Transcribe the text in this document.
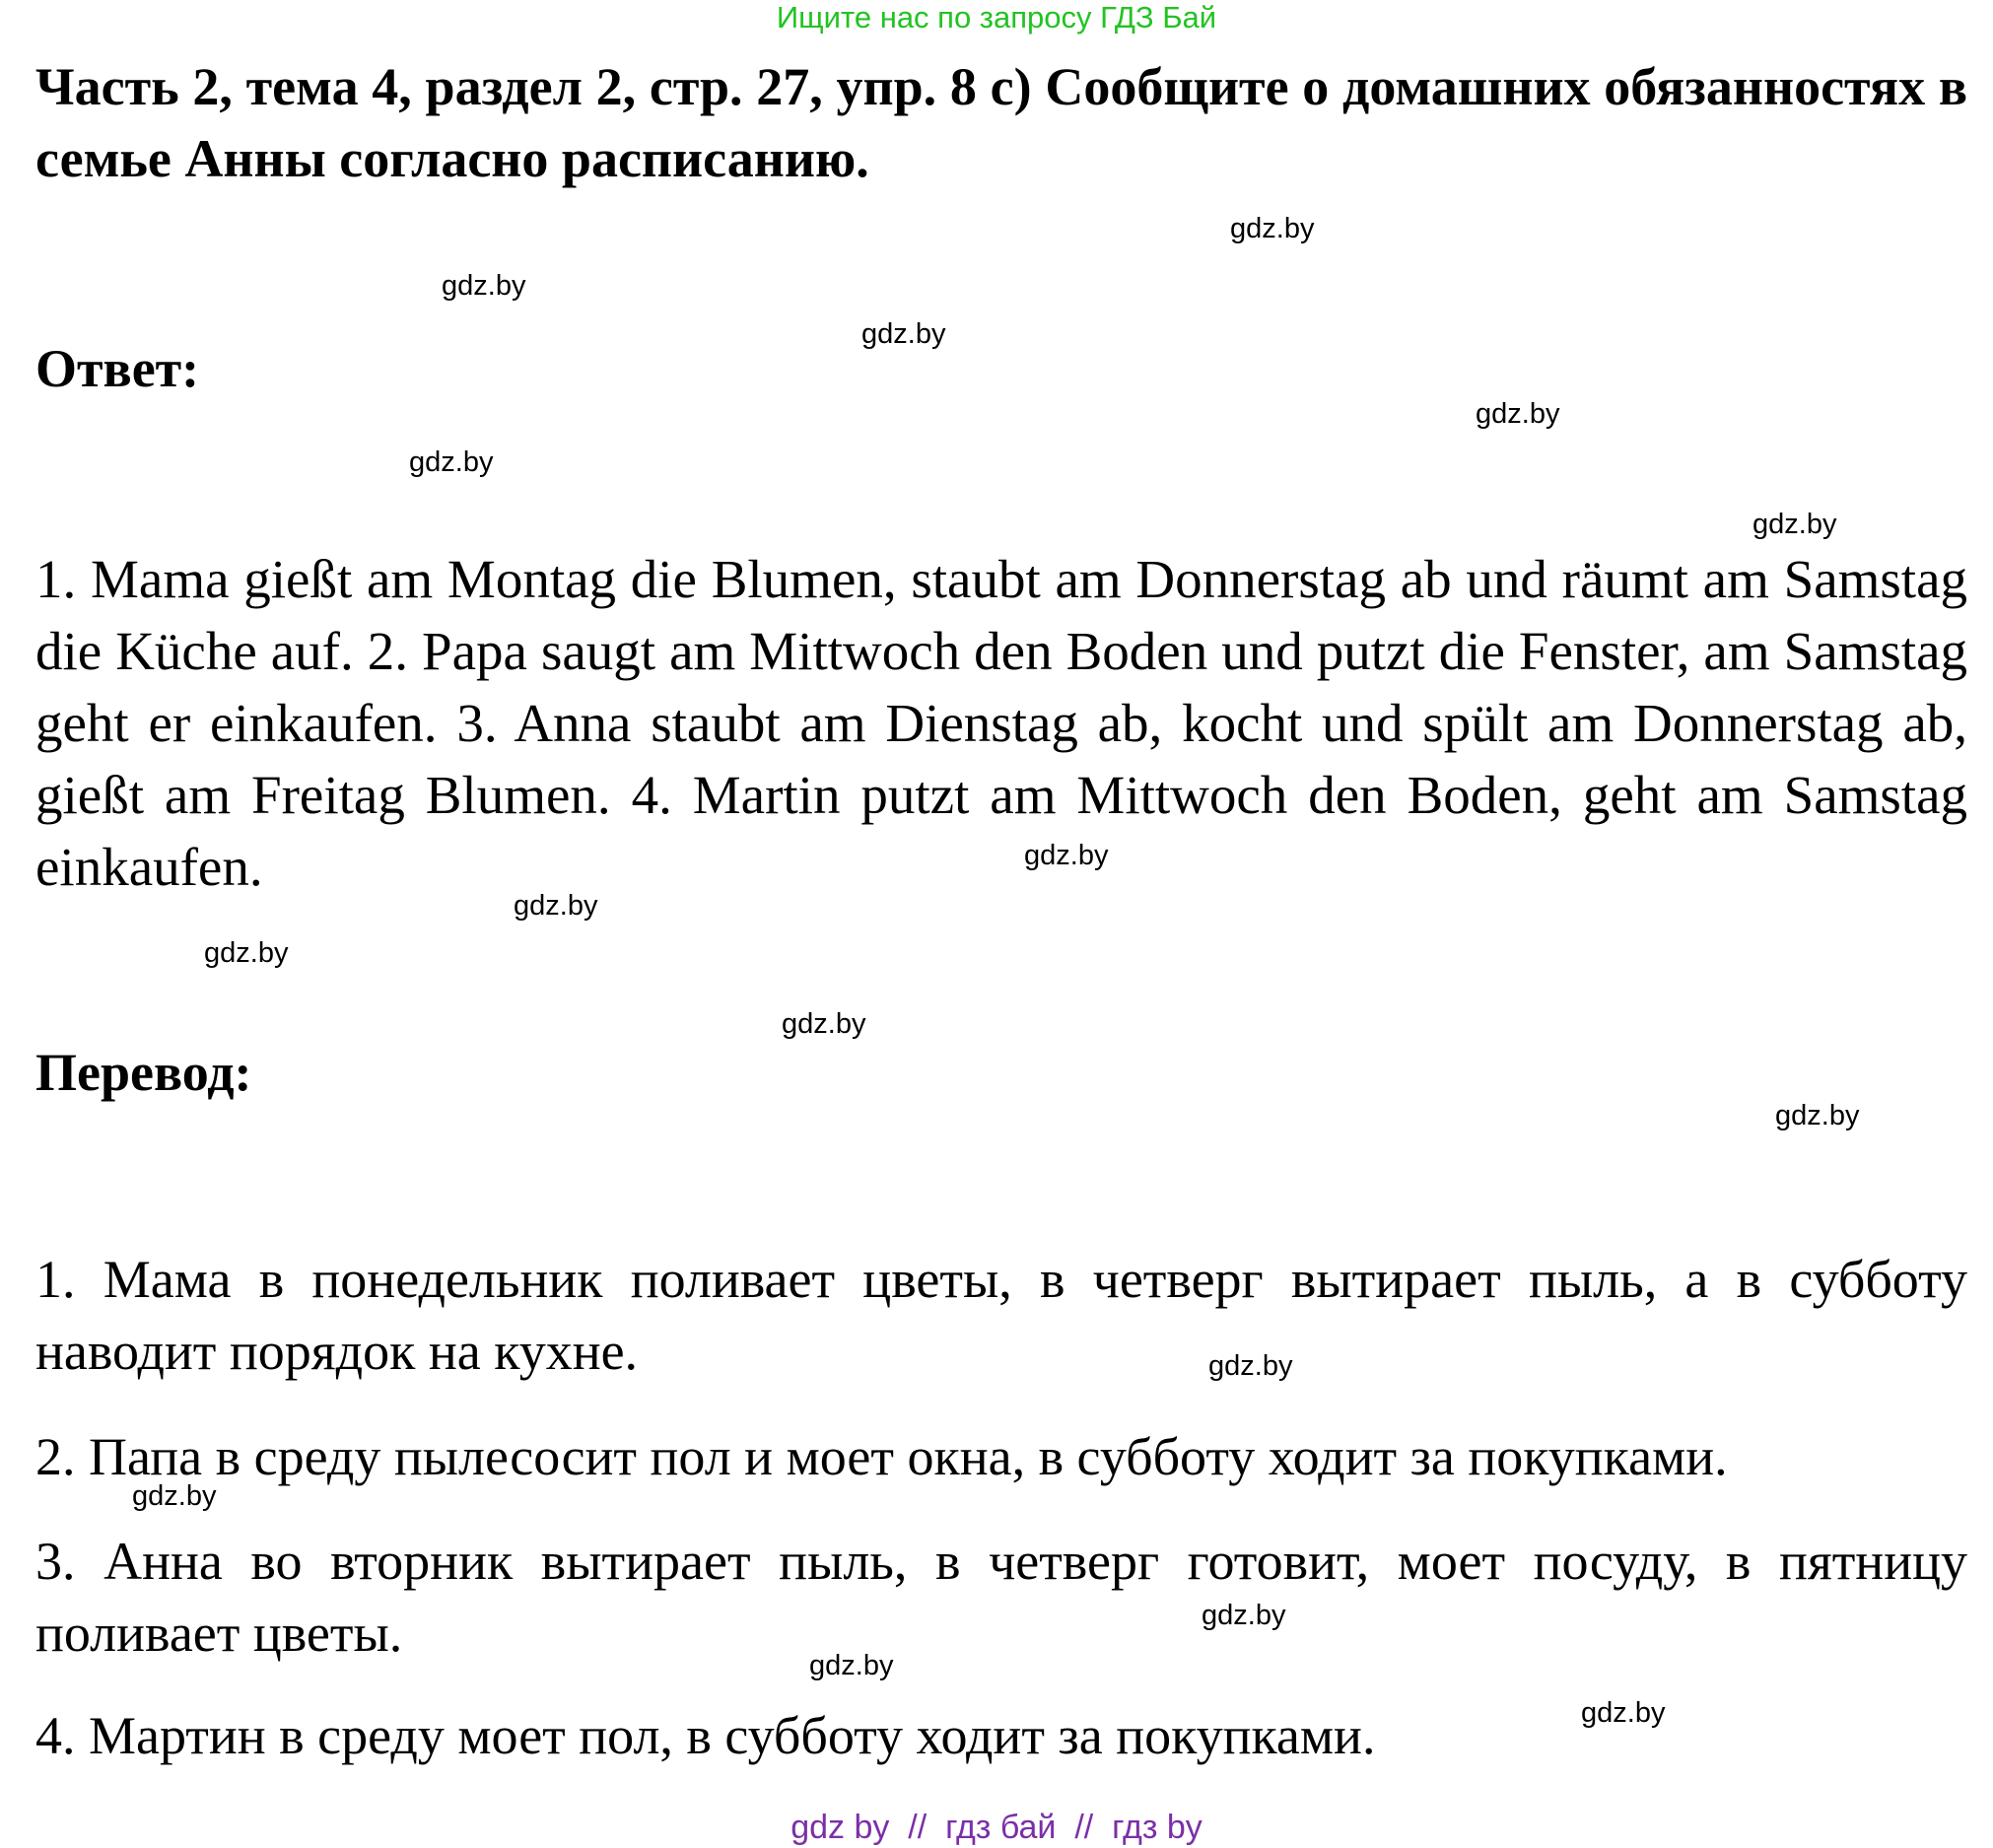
Ищите нас по запросу ГДЗ Бай
Часть 2, тема 4, раздел 2, стр. 27, упр. 8 c) Сообщите о домашних обязанностях в семье Анны согласно расписанию.
Ответ:

1. Mama gießt am Montag die Blumen, staubt am Donnerstag ab und räumt am Samstag die Küche auf. 2. Papa saugt am Mittwoch den Boden und putzt die Fenster, am Samstag geht er einkaufen. 3. Anna staubt am Dienstag ab, kocht und spült am Donnerstag ab, gießt am Freitag Blumen. 4. Martin putzt am Mittwoch den Boden, geht am Samstag einkaufen.

Перевод:

1. Мама в понедельник поливает цветы, в четверг вытирает пыль, а в субботу наводит порядок на кухне.

2. Папа в среду пылесосит пол и моет окна, в субботу ходит за покупками.

3. Анна во вторник вытирает пыль, в четверг готовит, моет посуду, в пятницу поливает цветы.

4. Мартин в среду моет пол, в субботу ходит за покупками.

gdz.by
gdz.by
gdz.by
gdz.by
gdz.by
gdz.by
gdz.by
gdz.by
gdz.by
gdz.by
gdz.by
gdz.by
gdz.by
gdz.by
gdz.by
gdz.by
gdz by  //  гдз бай  //  гдз by
